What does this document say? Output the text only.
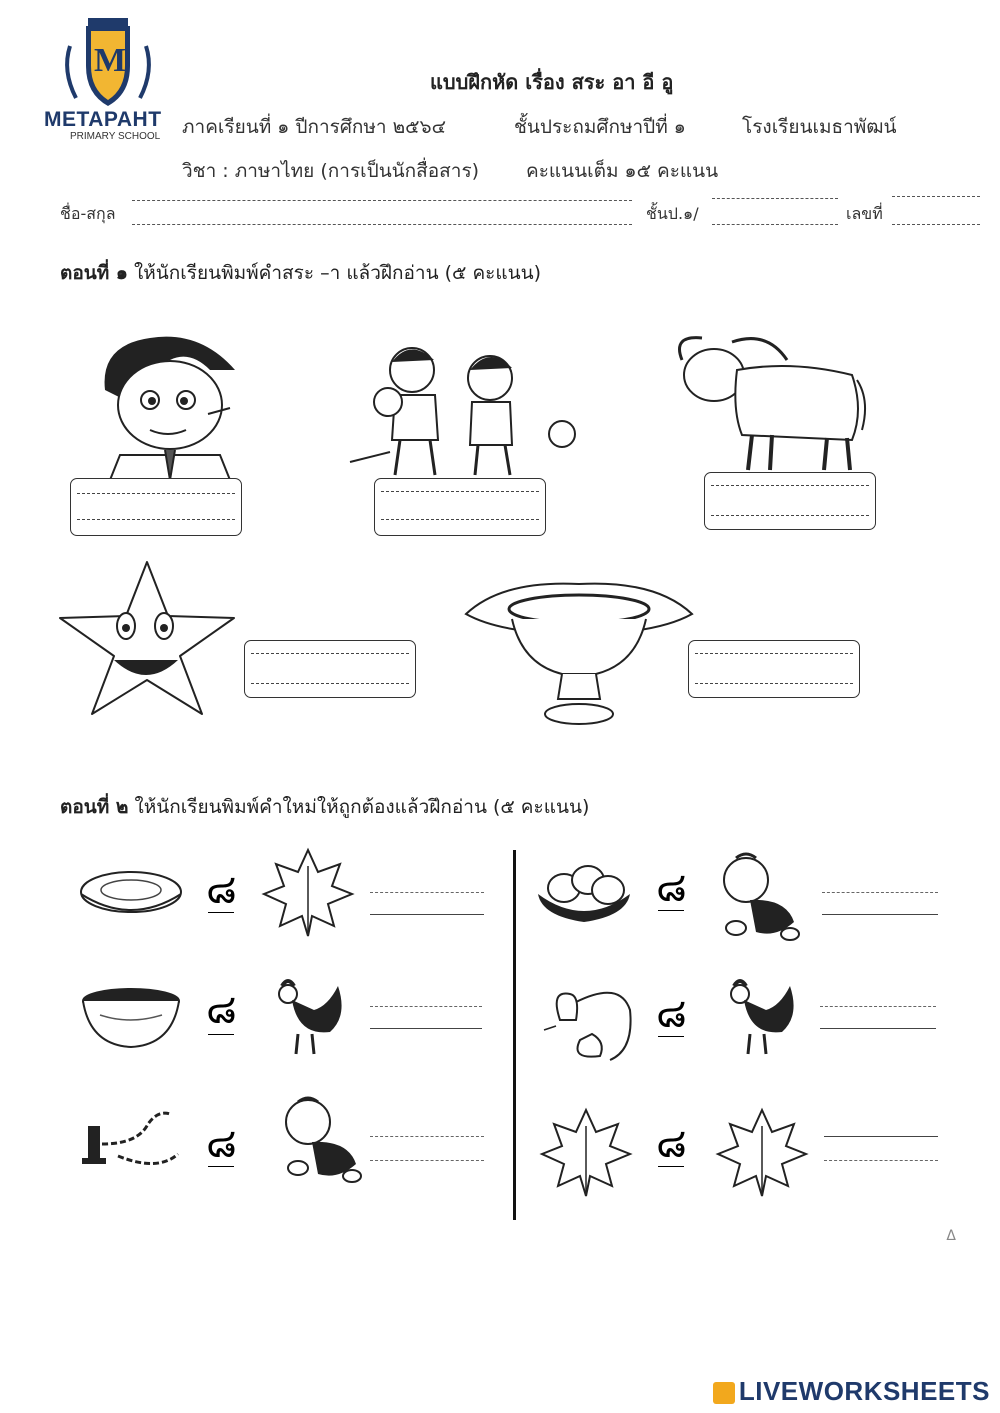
M
METAPAHT
PRIMARY SCHOOL
แบบฝึกหัด เรื่อง สระ อา อี อู
ภาคเรียนที่ ๑ ปีการศึกษา ๒๕๖๔	ชั้นประถมศึกษาปีที่ ๑	โรงเรียนเมธาพัฒน์
วิชา : ภาษาไทย (การเป็นนักสื่อสาร) คะแนนเต็ม ๑๕ คะแนน
ชื่อ-สกุล	ชั้นป.๑/	เลขที่
ตอนที่ ๑ ให้นักเรียนพิมพ์คำสระ –า แล้วฝึกอ่าน (๕ คะแนน)
ตอนที่ ๒ ให้นักเรียนพิมพ์คำใหม่ให้ถูกต้องแล้วฝึกอ่าน (๕ คะแนน)
๘
๘
๘
๘
๘
๘
Δ
LIVEWORKSHEETS
